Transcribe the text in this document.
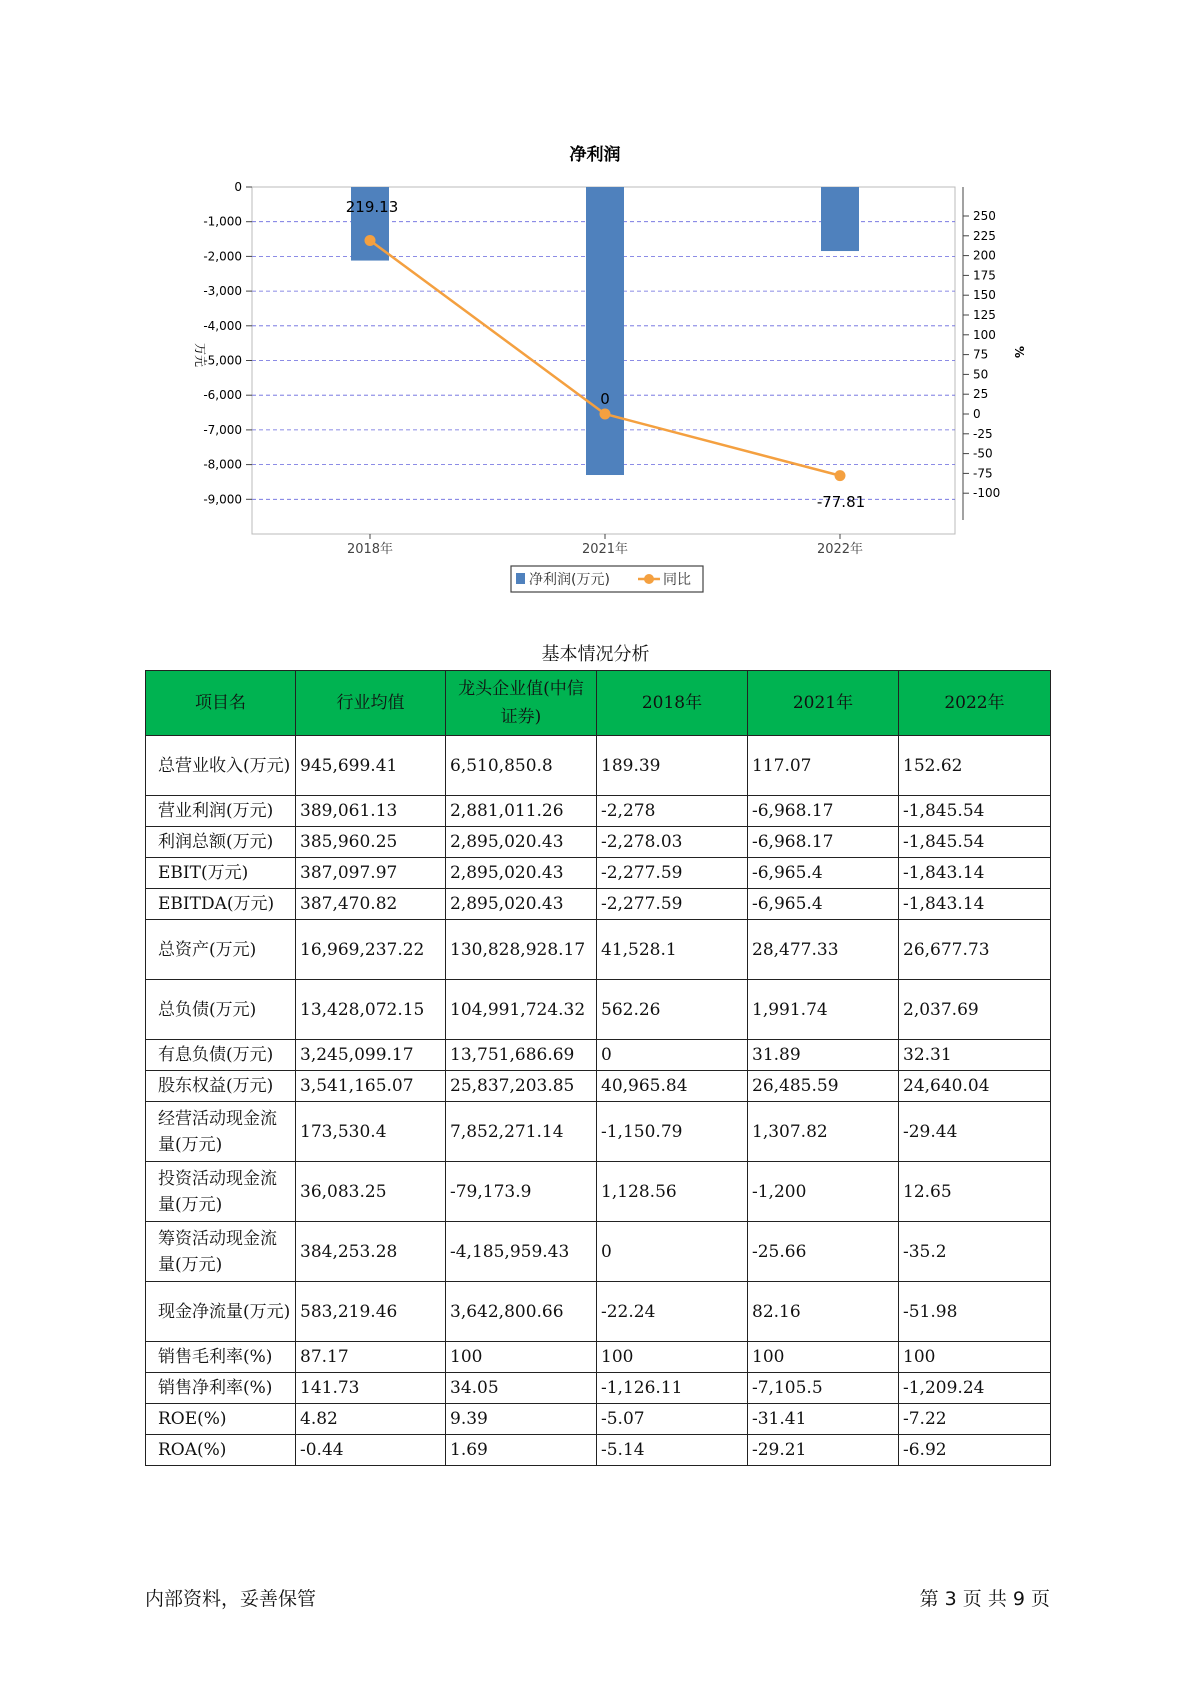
净利润
0
-1,000
-2,000
-3,000
-4,000
-5,000
-6,000
-7,000
-8,000
-9,000
250
225
200
175
150
125
100
75
50
25
0
-25
-50
-75
-100
万元	%
2018年	2021年	2022年
219.13
0
-77.81
净利润(万元)	同比
基本情况分析
项目名	行业均值	龙头企业值(中信证券)	2018年	2021年	2022年
总营业收入(万元)	945,699.41	6,510,850.8	189.39	117.07	152.62
营业利润(万元)	389,061.13	2,881,011.26	-2,278	-6,968.17	-1,845.54
利润总额(万元)	385,960.25	2,895,020.43	-2,278.03	-6,968.17	-1,845.54
EBIT(万元)	387,097.97	2,895,020.43	-2,277.59	-6,965.4	-1,843.14
EBITDA(万元)	387,470.82	2,895,020.43	-2,277.59	-6,965.4	-1,843.14
总资产(万元)	16,969,237.22	130,828,928.17	41,528.1	28,477.33	26,677.73
总负债(万元)	13,428,072.15	104,991,724.32	562.26	1,991.74	2,037.69
有息负债(万元)	3,245,099.17	13,751,686.69	0	31.89	32.31
股东权益(万元)	3,541,165.07	25,837,203.85	40,965.84	26,485.59	24,640.04
经营活动现金流量(万元)	173,530.4	7,852,271.14	-1,150.79	1,307.82	-29.44
投资活动现金流量(万元)	36,083.25	-79,173.9	1,128.56	-1,200	12.65
筹资活动现金流量(万元)	384,253.28	-4,185,959.43	0	-25.66	-35.2
现金净流量(万元)	583,219.46	3,642,800.66	-22.24	82.16	-51.98
销售毛利率(%)	87.17	100	100	100	100
销售净利率(%)	141.73	34.05	-1,126.11	-7,105.5	-1,209.24
ROE(%)	4.82	9.39	-5.07	-31.41	-7.22
ROA(%)	-0.44	1.69	-5.14	-29.21	-6.92
内部资料，妥善保管	第 3 页 共 9 页
